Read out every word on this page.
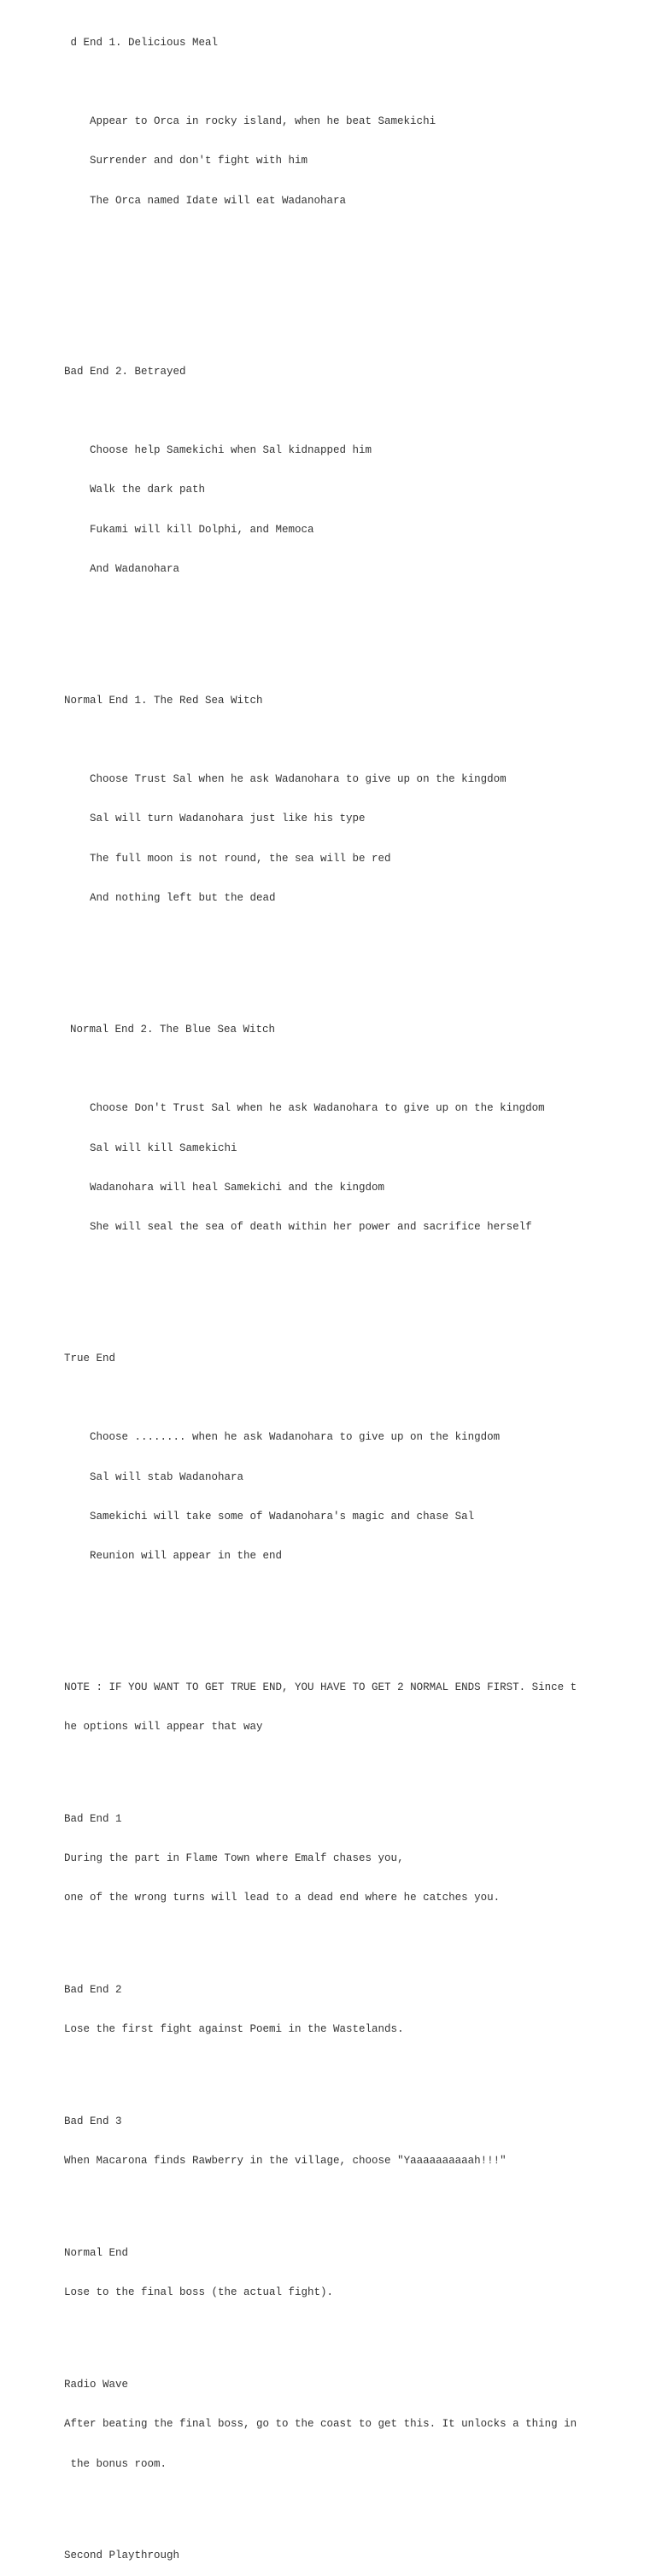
d End 1. Delicious Meal

Appear to Orca in rocky island, when he beat Samekichi

Surrender and don't fight with him

The Orca named Idate will eat Wadanohara

Bad End 2. Betrayed

Choose help Samekichi when Sal kidnapped him

Walk the dark path

Fukami will kill Dolphi, and Memoca

And Wadanohara

Normal End 1. The Red Sea Witch

Choose Trust Sal when he ask Wadanohara to give up on the kingdom

Sal will turn Wadanohara just like his type

The full moon is not round, the sea will be red

And nothing left but the dead

Normal End 2. The Blue Sea Witch

Choose Don't Trust Sal when he ask Wadanohara to give up on the kingdom

Sal will kill Samekichi

Wadanohara will heal Samekichi and the kingdom

She will seal the sea of death within her power and sacrifice herself

True End

Choose ........ when he ask Wadanohara to give up on the kingdom

Sal will stab Wadanohara

Samekichi will take some of Wadanohara's magic and chase Sal

Reunion will appear in the end

NOTE : IF YOU WANT TO GET TRUE END, YOU HAVE TO GET 2 NORMAL ENDS FIRST. Since t

he options will appear that way

Bad End 1

During the part in Flame Town where Emalf chases you,

one of the wrong turns will lead to a dead end where he catches you.

Bad End 2

Lose the first fight against Poemi in the Wastelands.

Bad End 3

When Macarona finds Rawberry in the village, choose "Yaaaaaaaaaah!!!"

Normal End

Lose to the final boss (the actual fight).

Radio Wave

After beating the final boss, go to the coast to get this. It unlocks a thing in

the bonus room.

Second Playthrough
